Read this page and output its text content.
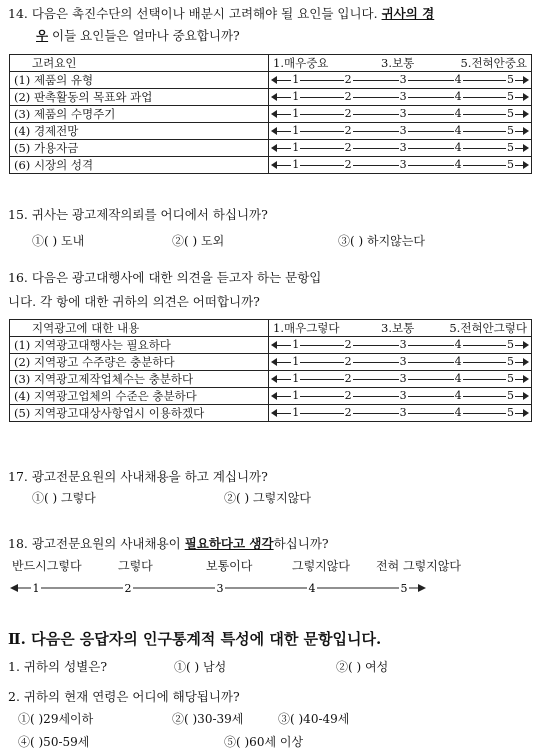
14. 다음은 촉진수단의 선택이나 배분시 고려해야 될 요인들 입니다. 귀사의 경
우 이들 요인들은 얼마나 중요합니까?
고려요인	1.매우중요 3.보통 5.전혀안중요

(1) 제품의 유형	1 2 3 4 5

(2) 판촉활동의 목표와 과업	1 2 3 4 5

(3) 제품의 수명주기	1 2 3 4 5

(4) 경제전망	1 2 3 4 5

(5) 가용자금	1 2 3 4 5

(6) 시장의 성격	1 2 3 4 5
15. 귀사는 광고제작의뢰를 어디에서 하십니까?
①( ) 도내	②( ) 도외	③( ) 하지않는다
16. 다음은 광고대행사에 대한 의견을 듣고자 하는 문항입
니다. 각 항에 대한 귀하의 의견은 어떠합니까?
지역광고에 대한 내용	1.매우그렇다 3.보통 5.전혀안그렇다

(1) 지역광고대행사는 필요하다	1 2 3 4 5

(2) 지역광고 수주량은 충분하다	1 2 3 4 5

(3) 지역광고제작업체수는 충분하다	1 2 3 4 5

(4) 지역광고업체의 수준은 충분하다	1 2 3 4 5

(5) 지역광고대상사항업시 이용하겠다	1 2 3 4 5
17. 광고전문요원의 사내채용을 하고 계십니까?
①( ) 그렇다	②( ) 그렇지않다
18. 광고전문요원의 사내채용이 필요하다고 생각하십니까?
반드시그렇다	그렇다	보통이다	그렇지않다 전혀 그렇지않다
1	2	3	4	5
Ⅱ. 다음은 응답자의 인구통계적 특성에 대한 문항입니다.
1. 귀하의 성별은?	①( ) 남성	②( ) 여성
2. 귀하의 현재 연령은 어디에 해당됩니까?
①( )29세이하	②( )30-39세	③( )40-49세
④( )50-59세	⑤( )60세 이상
